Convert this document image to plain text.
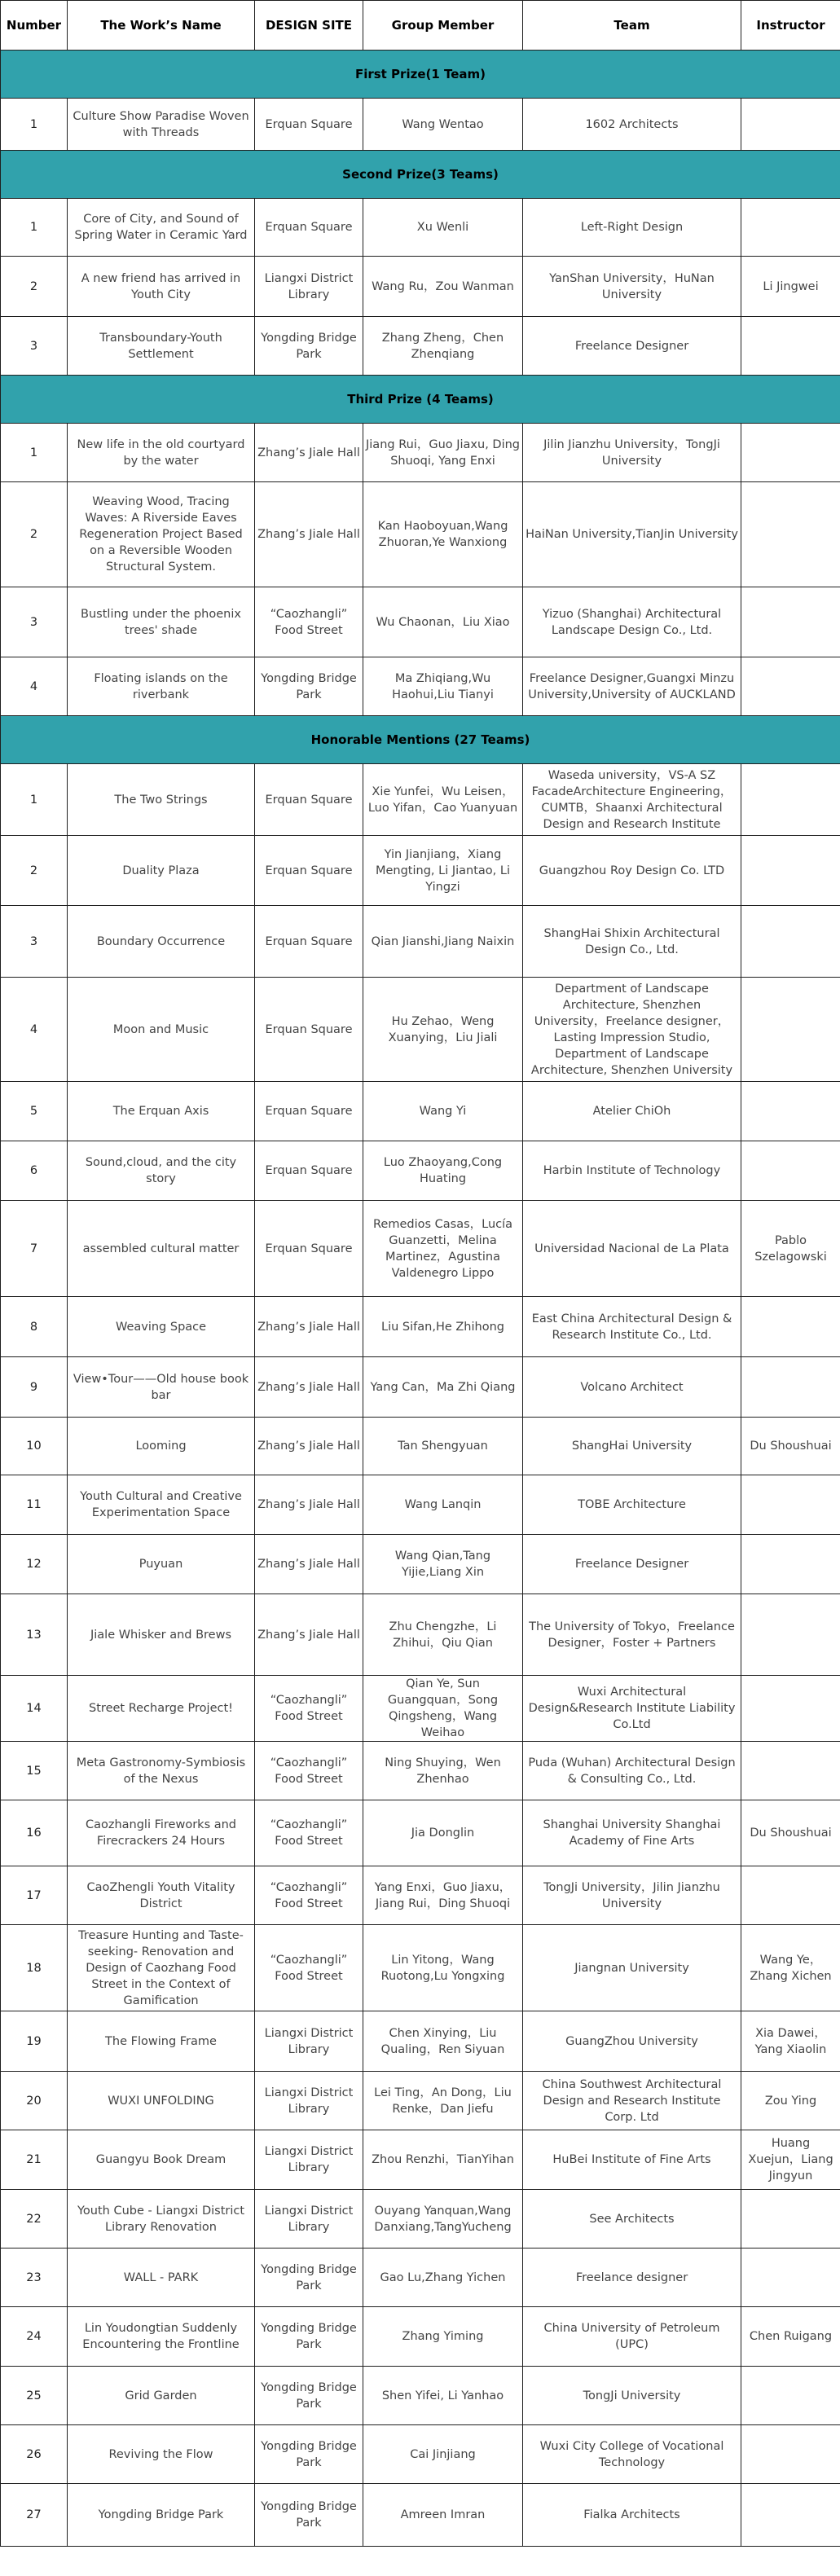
Number	The Work’s Name	DESIGN SITE	Group Member	Team	Instructor
First Prize(1 Team)					
1	Culture Show Paradise Woven with Threads	Erquan Square	Wang Wentao	1602 Architects	
Second Prize(3 Teams)					
1	Core of City, and Sound of Spring Water in Ceramic Yard	Erquan Square	Xu Wenli	Left-Right Design	
2	A new friend has arrived in Youth City	Liangxi District Library	Wang Ru，Zou Wanman	YanShan University，HuNan University	Li Jingwei
3	Transboundary-Youth Settlement	Yongding Bridge Park	Zhang Zheng，Chen Zhenqiang	Freelance Designer	
Third Prize (4 Teams)					
1	New life in the old courtyard by the water	Zhang’s Jiale Hall	Jiang Rui，Guo Jiaxu, Ding Shuoqi, Yang Enxi	Jilin Jianzhu University，TongJi University	
2	Weaving Wood, Tracing Waves: A Riverside Eaves Regeneration Project Based on a Reversible Wooden Structural System.	Zhang’s Jiale Hall	Kan Haoboyuan,Wang Zhuoran,Ye Wanxiong	HaiNan University,TianJin University	
3	Bustling under the phoenix trees' shade	“Caozhangli” Food Street	Wu Chaonan，Liu Xiao	Yizuo (Shanghai) Architectural Landscape Design Co., Ltd.	
4	Floating islands on the riverbank	Yongding Bridge Park	Ma Zhiqiang,Wu Haohui,Liu Tianyi	Freelance Designer,Guangxi Minzu University,University of AUCKLAND	
Honorable Mentions (27 Teams)					
1	The Two Strings	Erquan Square	Xie Yunfei，Wu Leisen，Luo Yifan，Cao Yuanyuan	Waseda university，VS-A SZ FacadeArchitecture Engineering，CUMTB，Shaanxi Architectural Design and Research Institute	
2	Duality Plaza	Erquan Square	Yin Jianjiang，Xiang Mengting, Li Jiantao, Li Yingzi	Guangzhou Roy Design Co. LTD	
3	Boundary Occurrence	Erquan Square	Qian Jianshi,Jiang Naixin	ShangHai Shixin Architectural Design Co., Ltd.	
4	Moon and Music	Erquan Square	Hu Zehao，Weng Xuanying，Liu Jiali	Department of Landscape Architecture, Shenzhen University，Freelance designer，Lasting Impression Studio, Department of Landscape Architecture, Shenzhen University	
5	The Erquan Axis	Erquan Square	Wang Yi	Atelier ChiOh	
6	Sound,cloud, and the city story	Erquan Square	Luo Zhaoyang,Cong Huating	Harbin Institute of Technology	
7	assembled cultural matter	Erquan Square	Remedios Casas，Lucía Guanzetti，Melina Martinez，Agustina Valdenegro Lippo	Universidad Nacional de La Plata	Pablo Szelagowski
8	Weaving Space	Zhang’s Jiale Hall	Liu Sifan,He Zhihong	East China Architectural Design & Research Institute Co., Ltd.	
9	View•Tour——Old house book bar	Zhang’s Jiale Hall	Yang Can，Ma Zhi Qiang	Volcano Architect	
10	Looming	Zhang’s Jiale Hall	Tan Shengyuan	ShangHai University	Du Shoushuai
11	Youth Cultural and Creative Experimentation Space	Zhang’s Jiale Hall	Wang Lanqin	TOBE Architecture	
12	Puyuan	Zhang’s Jiale Hall	Wang Qian,Tang Yijie,Liang Xin	Freelance Designer	
13	Jiale Whisker and Brews	Zhang’s Jiale Hall	Zhu Chengzhe，Li Zhihui，Qiu Qian	The University of Tokyo，Freelance Designer，Foster + Partners	
14	Street Recharge Project!	“Caozhangli” Food Street	Qian Ye, Sun Guangquan，Song Qingsheng，Wang Weihao	Wuxi Architectural Design&Research Institute Liability Co.Ltd	
15	Meta Gastronomy-Symbiosis of the Nexus	“Caozhangli” Food Street	Ning Shuying，Wen Zhenhao	Puda (Wuhan) Architectural Design & Consulting Co., Ltd.	
16	Caozhangli Fireworks and Firecrackers 24 Hours	“Caozhangli” Food Street	Jia Donglin	Shanghai University Shanghai Academy of Fine Arts	Du Shoushuai
17	CaoZhengli Youth Vitality District	“Caozhangli” Food Street	Yang Enxi，Guo Jiaxu，Jiang Rui，Ding Shuoqi	TongJi University，Jilin Jianzhu University	
18	Treasure Hunting and Taste-seeking- Renovation and Design of Caozhang Food Street in the Context of Gamification	“Caozhangli” Food Street	Lin Yitong，Wang Ruotong,Lu Yongxing	Jiangnan University	Wang Ye，Zhang Xichen
19	The Flowing Frame	Liangxi District Library	Chen Xinying，Liu Qualing，Ren Siyuan	GuangZhou University	Xia Dawei，Yang Xiaolin
20	WUXI UNFOLDING	Liangxi District Library	Lei Ting，An Dong，Liu Renke，Dan Jiefu	China Southwest Architectural Design and Research Institute Corp. Ltd	Zou Ying
21	Guangyu Book Dream	Liangxi District Library	Zhou Renzhi，TianYihan	HuBei Institute of Fine Arts	Huang Xuejun，Liang Jingyun
22	Youth Cube - Liangxi District Library Renovation	Liangxi District Library	Ouyang Yanquan,Wang Danxiang,TangYucheng	See Architects	
23	WALL - PARK	Yongding Bridge Park	Gao Lu,Zhang Yichen	Freelance designer	
24	Lin Youdongtian Suddenly Encountering the Frontline	Yongding Bridge Park	Zhang Yiming	China University of Petroleum (UPC)	Chen Ruigang
25	Grid Garden	Yongding Bridge Park	Shen Yifei, Li Yanhao	TongJi University	
26	Reviving the Flow	Yongding Bridge Park	Cai Jinjiang	Wuxi City College of Vocational Technology	
27	Yongding Bridge Park	Yongding Bridge Park	Amreen Imran	Fialka Architects	
